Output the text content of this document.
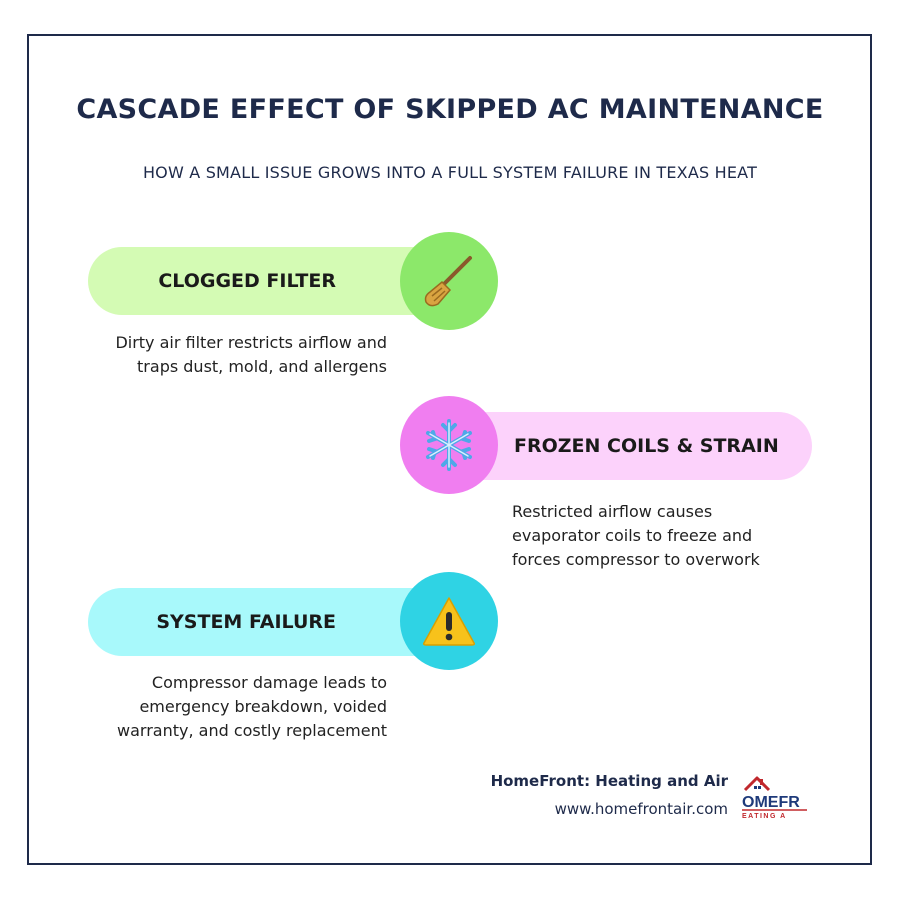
CASCADE EFFECT OF SKIPPED AC MAINTENANCE
HOW A SMALL ISSUE GROWS INTO A FULL SYSTEM FAILURE IN TEXAS HEAT
CLOGGED FILTER
Dirty air filter restricts airflow and traps dust, mold, and allergens
FROZEN COILS & STRAIN
Restricted airflow causes evaporator coils to freeze and forces compressor to overwork
SYSTEM FAILURE
Compressor damage leads to emergency breakdown, voided warranty, and costly replacement
HomeFront: Heating and Air
www.homefrontair.com OMEFR
EATING A
